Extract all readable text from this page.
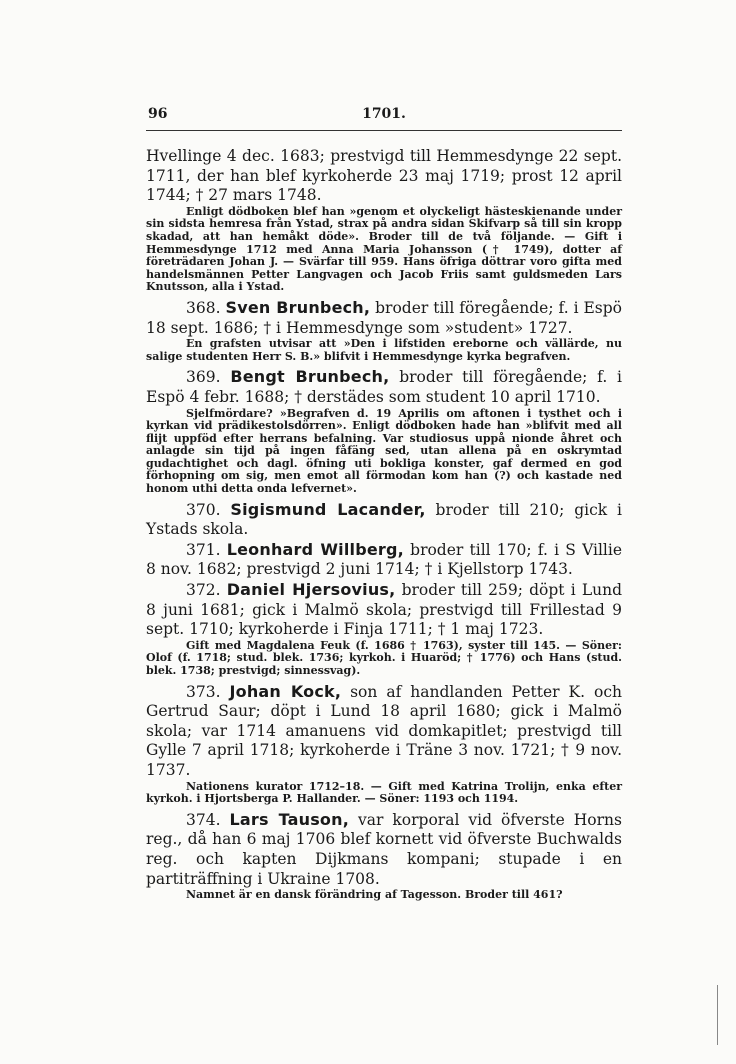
96	1701.

Hvellinge 4 dec. 1683; prestvigd till Hemmesdynge 22 sept. 1711, der han blef kyrkoherde 23 maj 1719; prost 12 april 1744; † 27 mars 1748.

Enligt dödboken blef han »genom et olyckeligt hästeskienande under sin sidsta hemresa från Ystad, strax på andra sidan Skifvarp så till sin kropp skadad, att han hemåkt döde». Broder till de två följande. — Gift i Hemmesdynge 1712 med Anna Maria Johansson († 1749), dotter af företrädaren Johan J. — Svärfar till 959. Hans öfriga döttrar voro gifta med handelsmännen Petter Langvagen och Jacob Friis samt guldsmeden Lars Knutsson, alla i Ystad.

368. Sven Brunbech, broder till föregående; f. i Espö 18 sept. 1686; † i Hemmesdynge som »student» 1727.

En grafsten utvisar att »Den i lifstiden ereborne och vällärde, nu salige studenten Herr S. B.» blifvit i Hemmesdynge kyrka begrafven.

369. Bengt Brunbech, broder till föregående; f. i Espö 4 febr. 1688; † derstädes som student 10 april 1710.

Sjelfmördare? »Begrafven d. 19 Aprilis om aftonen i tysthet och i kyrkan vid prädikestolsdörren». Enligt dödboken hade han »blifvit med all flijt uppföd efter herrans befalning. Var studiosus uppå nionde åhret och anlagde sin tijd på ingen fåfäng sed, utan allena på en oskrymtad gudachtighet och dagl. öfning uti bokliga konster, gaf dermed en god förhopning om sig, men emot all förmodan kom han (?) och kastade ned honom uthi detta onda lefvernet».

370. Sigismund Lacander, broder till 210; gick i Ystads skola.

371. Leonhard Willberg, broder till 170; f. i S Villie 8 nov. 1682; prestvigd 2 juni 1714; † i Kjellstorp 1743.

372. Daniel Hjersovius, broder till 259; döpt i Lund 8 juni 1681; gick i Malmö skola; prestvigd till Frillestad 9 sept. 1710; kyrkoherde i Finja 1711; † 1 maj 1723.

Gift med Magdalena Feuk (f. 1686 † 1763), syster till 145. — Söner: Olof (f. 1718; stud. blek. 1736; kyrkoh. i Huaröd; † 1776) och Hans (stud. blek. 1738; prestvigd; sinnessvag).

373. Johan Kock, son af handlanden Petter K. och Gertrud Saur; döpt i Lund 18 april 1680; gick i Malmö skola; var 1714 amanuens vid domkapitlet; prestvigd till Gylle 7 april 1718; kyrkoherde i Träne 3 nov. 1721; † 9 nov. 1737.

Nationens kurator 1712–18. — Gift med Katrina Trolijn, enka efter kyrkoh. i Hjortsberga P. Hallander. — Söner: 1193 och 1194.

374. Lars Tauson, var korporal vid öfverste Horns reg., då han 6 maj 1706 blef kornett vid öfverste Buchwalds reg. och kapten Dijkmans kompani; stupade i en partiträffning i Ukraine 1708.

Namnet är en dansk förändring af Tagesson. Broder till 461?
